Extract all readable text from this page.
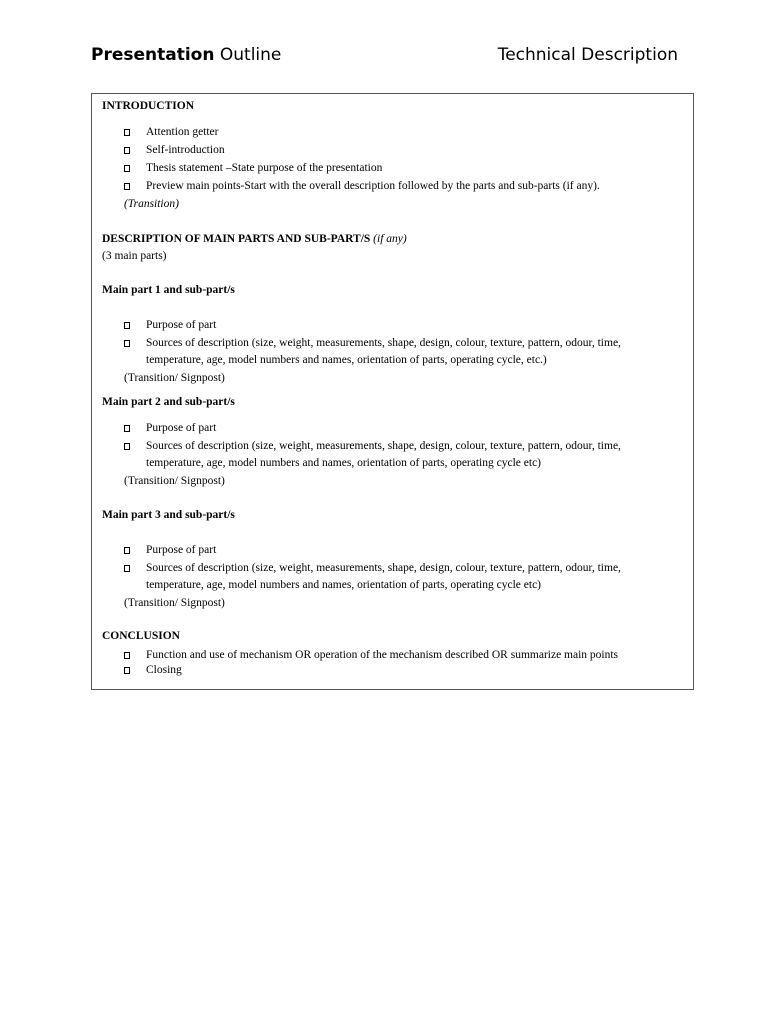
Presentation Outline	Technical Description
INTRODUCTION
Attention getter
Self-introduction
Thesis statement –State purpose of the presentation
Preview main points-Start with the overall description followed by the parts and sub-parts (if any).
(Transition)
DESCRIPTION OF MAIN PARTS AND SUB-PART/S (if any)
(3 main parts)
Main part 1 and sub-part/s
Purpose of part
Sources of description (size, weight, measurements, shape, design, colour, texture, pattern, odour, time,
temperature, age, model numbers and names, orientation of parts, operating cycle, etc.)
(Transition/ Signpost)
Main part 2 and sub-part/s
Purpose of part
Sources of description (size, weight, measurements, shape, design, colour, texture, pattern, odour, time,
temperature, age, model numbers and names, orientation of parts, operating cycle etc)
(Transition/ Signpost)
Main part 3 and sub-part/s
Purpose of part
Sources of description (size, weight, measurements, shape, design, colour, texture, pattern, odour, time,
temperature, age, model numbers and names, orientation of parts, operating cycle etc)
(Transition/ Signpost)
CONCLUSION
Function and use of mechanism OR operation of the mechanism described OR summarize main points
Closing
